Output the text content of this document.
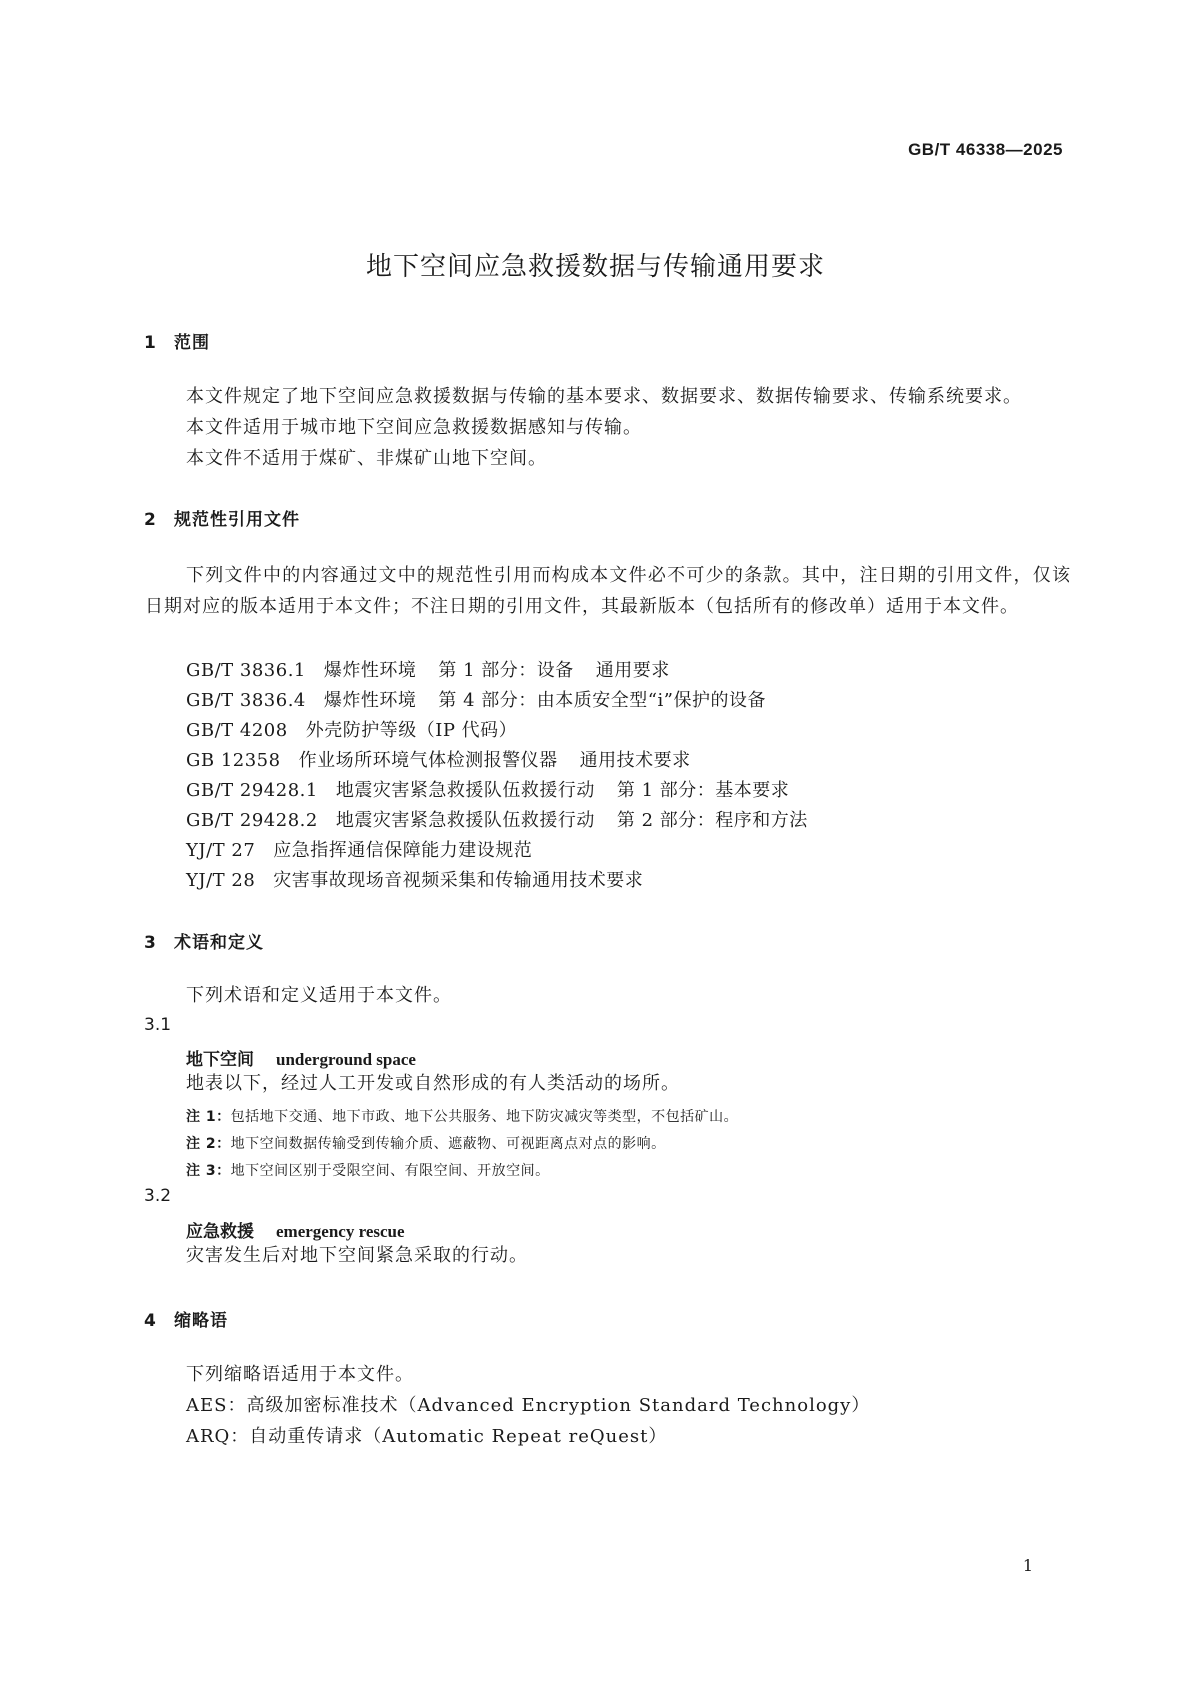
GB/T 46338—2025
地下空间应急救援数据与传输通用要求
1 范围
本文件规定了地下空间应急救援数据与传输的基本要求、数据要求、数据传输要求、传输系统要求。
本文件适用于城市地下空间应急救援数据感知与传输。
本文件不适用于煤矿、非煤矿山地下空间。
2 规范性引用文件
下列文件中的内容通过文中的规范性引用而构成本文件必不可少的条款。其中，注日期的引用文件，仅该日期对应的版本适用于本文件；不注日期的引用文件，其最新版本（包括所有的修改单）适用于本文件。
GB/T 3836.1 爆炸性环境 第 1 部分：设备 通用要求
GB/T 3836.4 爆炸性环境 第 4 部分：由本质安全型“i”保护的设备
GB/T 4208 外壳防护等级（IP 代码）
GB 12358 作业场所环境气体检测报警仪器 通用技术要求
GB/T 29428.1 地震灾害紧急救援队伍救援行动 第 1 部分：基本要求
GB/T 29428.2 地震灾害紧急救援队伍救援行动 第 2 部分：程序和方法
YJ/T 27 应急指挥通信保障能力建设规范
YJ/T 28 灾害事故现场音视频采集和传输通用技术要求
3 术语和定义
下列术语和定义适用于本文件。
3.1
地下空间 underground space
地表以下，经过人工开发或自然形成的有人类活动的场所。
注 1：包括地下交通、地下市政、地下公共服务、地下防灾减灾等类型，不包括矿山。
注 2：地下空间数据传输受到传输介质、遮蔽物、可视距离点对点的影响。
注 3：地下空间区别于受限空间、有限空间、开放空间。
3.2
应急救援 emergency rescue
灾害发生后对地下空间紧急采取的行动。
4 缩略语
下列缩略语适用于本文件。
AES：高级加密标准技术（Advanced Encryption Standard Technology）
ARQ：自动重传请求（Automatic Repeat reQuest）
1
